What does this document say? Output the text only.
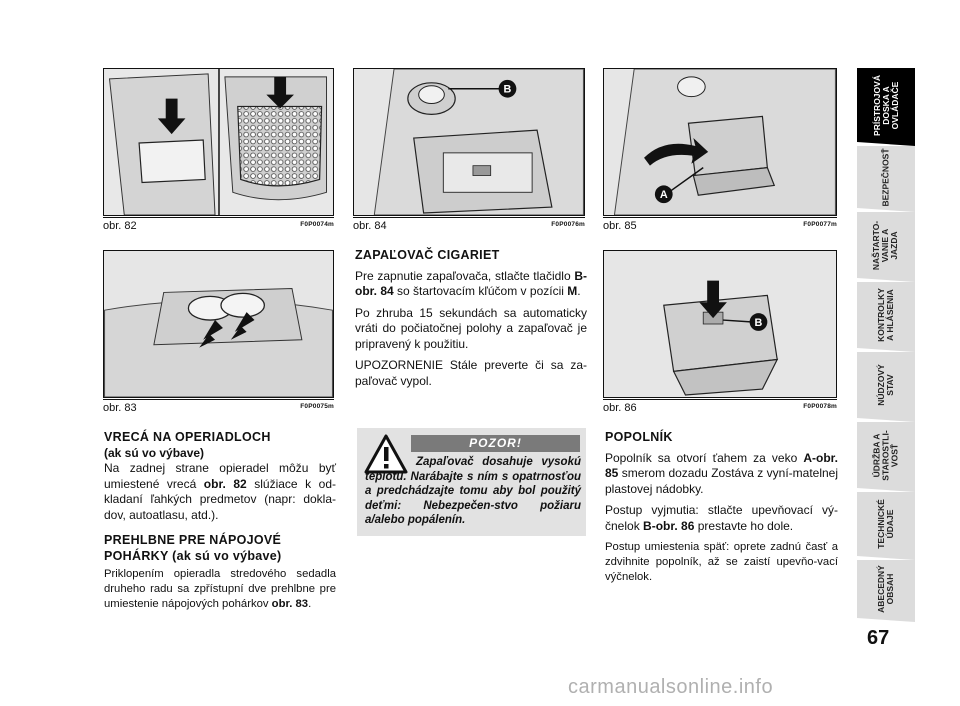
obr. 82	F0P0074m
obr. 83	F0P0075m
B
obr. 84	F0P0076m
A
obr. 85	F0P0077m
B
obr. 86	F0P0078m
VRECÁ NA OPERIADLOCH
(ak sú vo výbave)

Na zadnej strane opieradel môžu byť umiestené vrecá obr. 82 slúžiace k od-kladaní ľahkých predmetov (napr: dokla-dov, autoatlasu, atd.).

PREHLBNE PRE NÁPOJOVÉ
POHÁRKY (ak sú vo výbave)

Priklopením opieradla stredového sedadla druheho radu sa zpřístupní dve prehlbne pre umiestenie nápojových pohárkov obr. 83.

ZAPAĽOVAČ CIGARIET

Pre zapnutie zapaľovača, stlačte tlačidlo B-obr. 84 so štartovacím kľúčom v pozícii M.

Po zhruba 15 sekundách sa automaticky vráti do počiatočnej polohy a zapaľovač je pripravený k použitiu.

UPOZORNENIE Stále preverte či sa za-paľovač vypol.

POZOR!
Zapaľovač dosahuje vysokú teplotu. Narábajte s ním s opatrnosťou a predchádzajte tomu aby bol použitý deťmi: Nebezpečen-stvo požiaru a/alebo popálenín.
POPOLNÍK

Popolník sa otvorí ťahem za veko A-obr. 85 smerom dozadu Zostáva z vyní-matelnej plastovej nádobky.

Postup vyjmutia: stlačte upevňovací vý-čnelok B-obr. 86 prestavte ho dole.

Postup umiestenia späť: oprete zadnú časť a zdvihnite popolník, až se zaistí upevňo-vací výčnelok.

PRÍSTROJOVÁ
DOSKA A
OVLÁDAČE
BEZPEČNOSŤ
NAŠTARTO-
VANIE A
JAZDA
KONTROLKY
A HLÁSENIA
NÚDZOVÝ
STAV
ÚDRŽBA A
STAROSTLI-
VOSŤ
TECHNICKÉ
ÚDAJE
ABECEDNÝ
OBSAH
67
carmanualsonline.info
